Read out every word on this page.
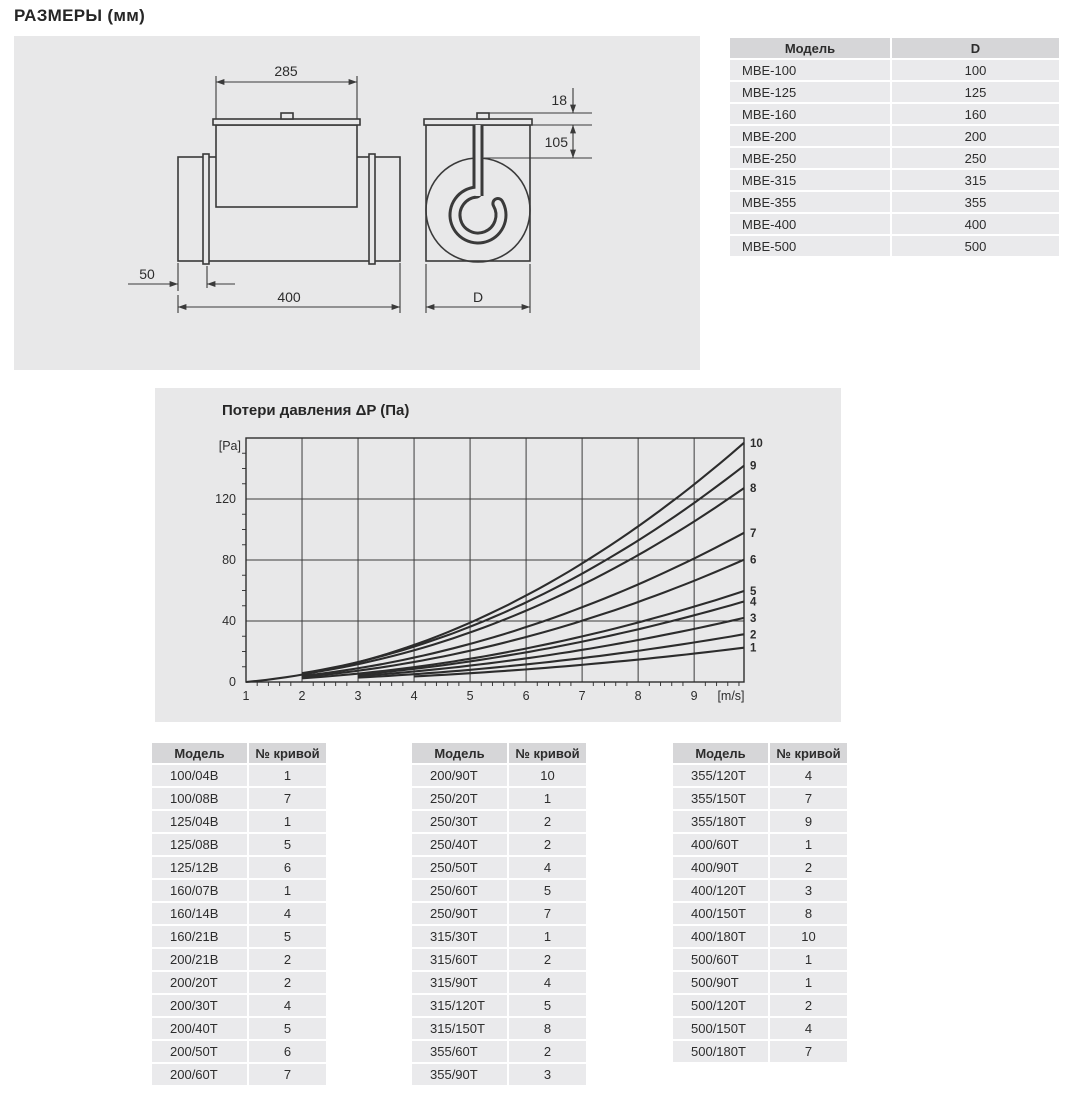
РАЗМЕРЫ (мм)
285
50
400	D
18
105
Модель	D
МВЕ-100	100
МВЕ-125	125
МВЕ-160	160
МВЕ-200	200
МВЕ-250	250
МВЕ-315	315
МВЕ-355	355
МВЕ-400	400
МВЕ-500	500
Потери давления ΔP (Па)
1
2
3
4
5
6
7
8
9
10
1	2	3	4	5	6	7	8	9
0
40
80
120
[m/s]
[Pa]
Модель	№ кривой
100/04В	1
100/08В	7
125/04В	1
125/08В	5
125/12В	6
160/07В	1
160/14В	4
160/21В	5
200/21В	2
200/20Т	2
200/30Т	4
200/40Т	5
200/50Т	6
200/60Т	7
Модель	№ кривой
200/90Т	10
250/20Т	1
250/30Т	2
250/40Т	2
250/50Т	4
250/60Т	5
250/90Т	7
315/30Т	1
315/60Т	2
315/90Т	4
315/120Т	5
315/150Т	8
355/60Т	2
355/90Т	3
Модель	№ кривой
355/120Т	4
355/150Т	7
355/180Т	9
400/60Т	1
400/90Т	2
400/120Т	3
400/150Т	8
400/180Т	10
500/60Т	1
500/90Т	1
500/120Т	2
500/150Т	4
500/180Т	7
